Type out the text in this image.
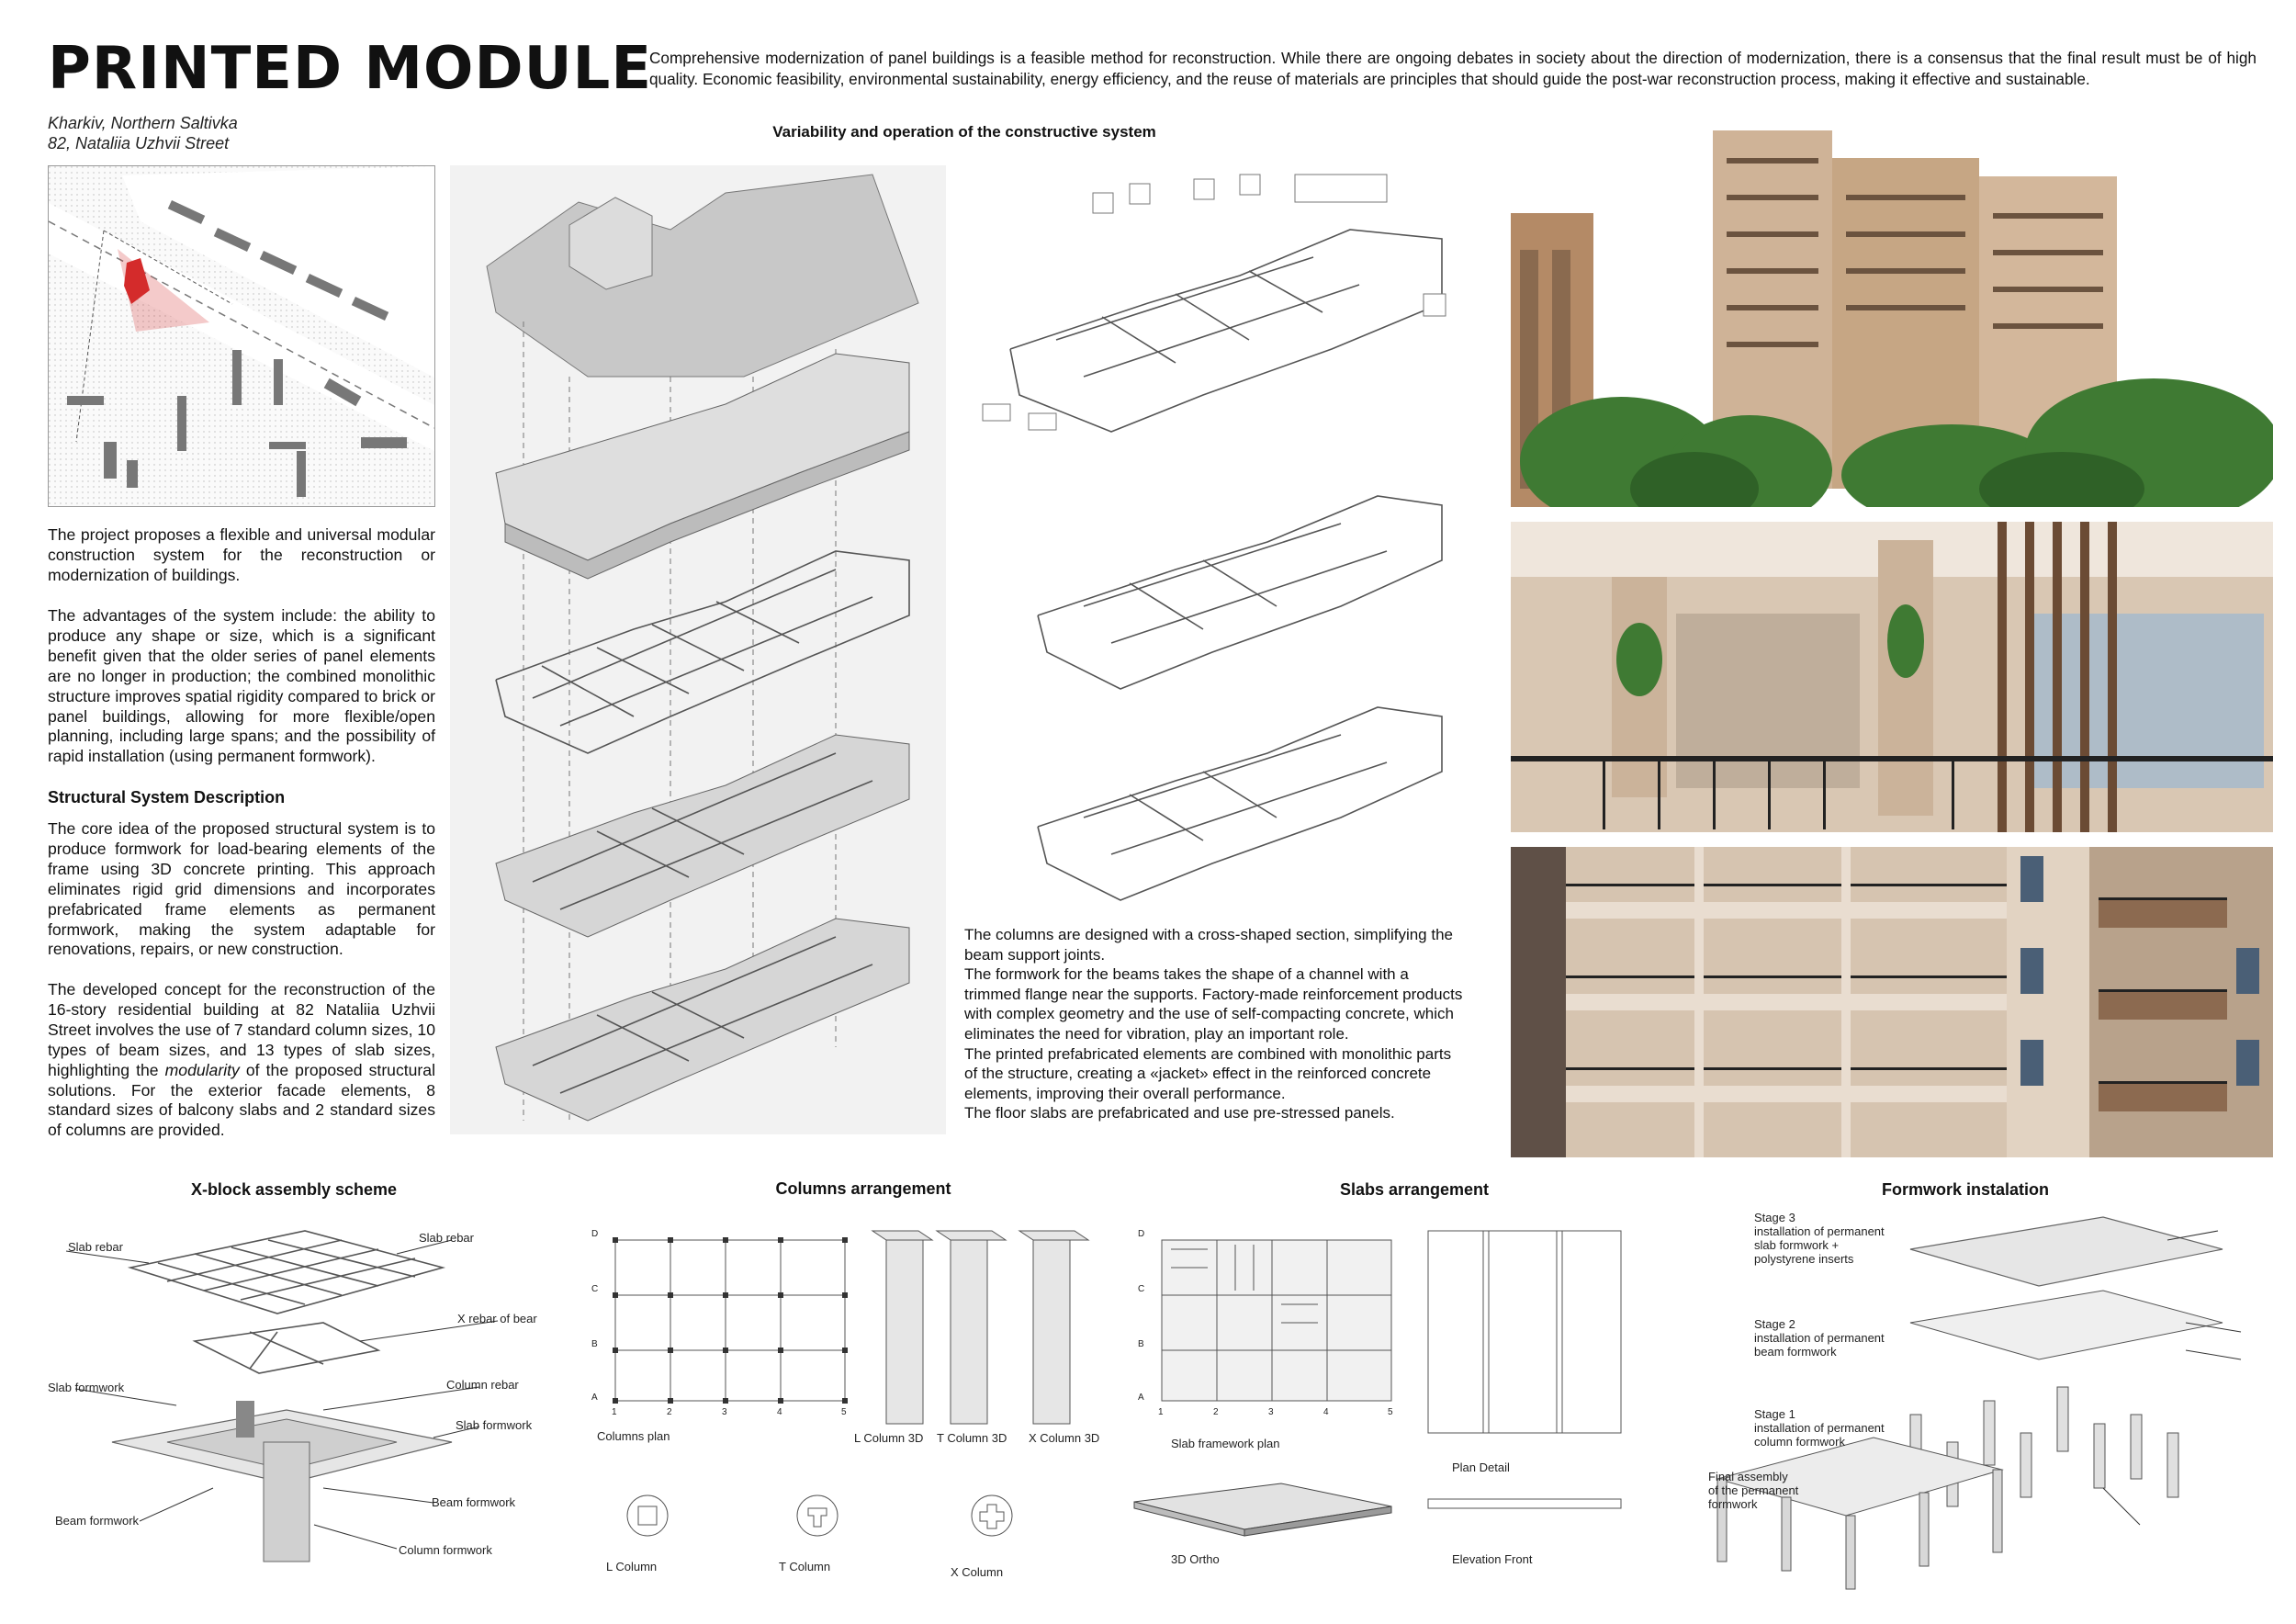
PRINTED MODULE

Comprehensive modernization of panel buildings is a feasible method for reconstruction. While there are ongoing debates in society about the direction of modernization, there is a consensus that the final result must be of high quality. Economic feasibility, environmental sustainability, energy efficiency, and the reuse of materials are principles that should guide the post-war reconstruction process, making it effective and sustainable.

Kharkiv, Northern Saltivka
82, Nataliia Uzhvii Street

The project proposes a flexible and universal modular construction system for the reconstruction or modernization of buildings.

The advantages of the system include: the ability to produce any shape or size, which is a significant benefit given that the older series of panel elements are no longer in production; the combined monolithic structure improves spatial rigidity compared to brick or panel buildings, allowing for more flexible/open planning, including large spans; and the possibility of rapid installation (using permanent formwork).

Structural System Description

The core idea of the proposed structural system is to produce formwork for load-bearing elements of the frame using 3D concrete printing. This approach eliminates rigid grid dimensions and incorporates prefabricated frame elements as permanent formwork, making the system adaptable for renovations, repairs, or new construction.

The developed concept for the reconstruction of the 16-story residential building at 82 Nataliia Uzhvii Street involves the use of 7 standard column sizes, 10 types of beam sizes, and 13 types of slab sizes, highlighting the modularity of the proposed structural solutions. For the exterior facade elements, 8 standard sizes of balcony slabs and 2 standard sizes of columns are provided.

Variability and operation of the constructive system

The columns are designed with a cross-shaped section, simplifying the beam support joints.
The formwork for the beams takes the shape of a channel with a trimmed flange near the supports. Factory-made reinforcement products with complex geometry and the use of self-compacting concrete, which eliminates the need for vibration, play an important role.
The printed prefabricated elements are combined with monolithic parts of the structure, creating a «jacket» effect in the reinforced concrete elements, improving their overall performance.
The floor slabs are prefabricated and use pre-stressed panels.

X-block assembly scheme	Columns arrangement	Slabs arrangement	Formwork instalation
Slab rebar
Slab rebar
X rebar of bear
Slab formwork	Column rebar
Slab formwork
Beam formwork
Beam formwork
Column formwork
D
C
B
A
1	2	3	4	5
Columns plan	L Column 3D T Column 3D X Column 3D
L Column	T Column	X Column
D
C
B
A
1	2	3	4	5
Slab framework plan
Plan Detail
3D Ortho	Elevation Front
Stage 3
installation of permanent
slab formwork +
polystyrene inserts
Stage 2
installation of permanent
beam formwork
Stage 1
installation of permanent
column formwork
Final assembly
of the permanent
formwork
